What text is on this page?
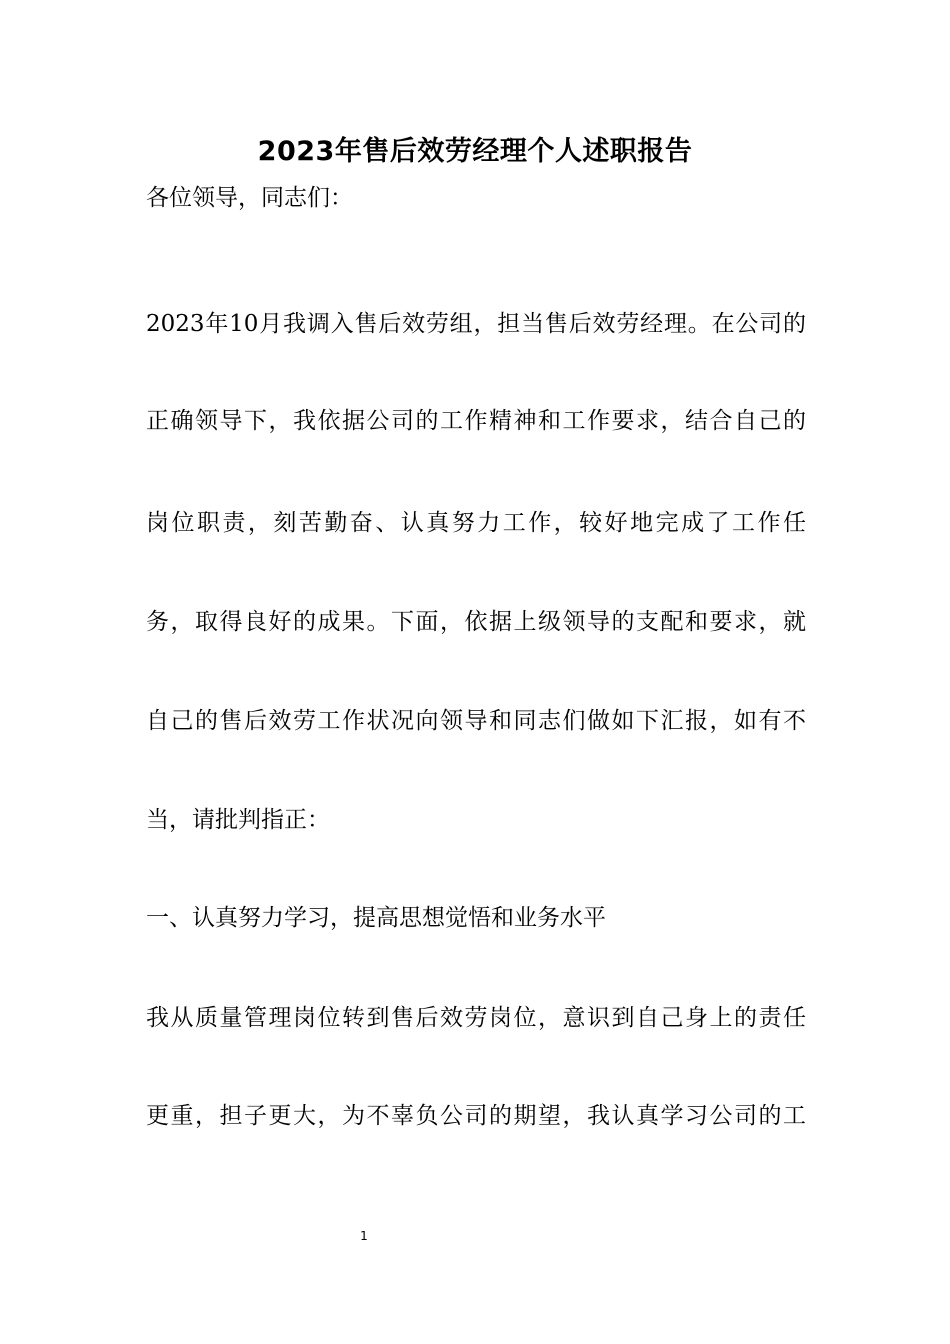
2023年售后效劳经理个人述职报告
各位领导，同志们：
2023年10月我调入售后效劳组，担当售后效劳经理。在公司的
正确领导下，我依据公司的工作精神和工作要求，结合自己的
岗位职责，刻苦勤奋、认真努力工作，较好地完成了工作任
务，取得良好的成果。下面，依据上级领导的支配和要求，就
自己的售后效劳工作状况向领导和同志们做如下汇报，如有不
当，请批判指正：
一、认真努力学习，提高思想觉悟和业务水平
我从质量管理岗位转到售后效劳岗位，意识到自己身上的责任
更重，担子更大，为不辜负公司的期望，我认真学习公司的工
1
